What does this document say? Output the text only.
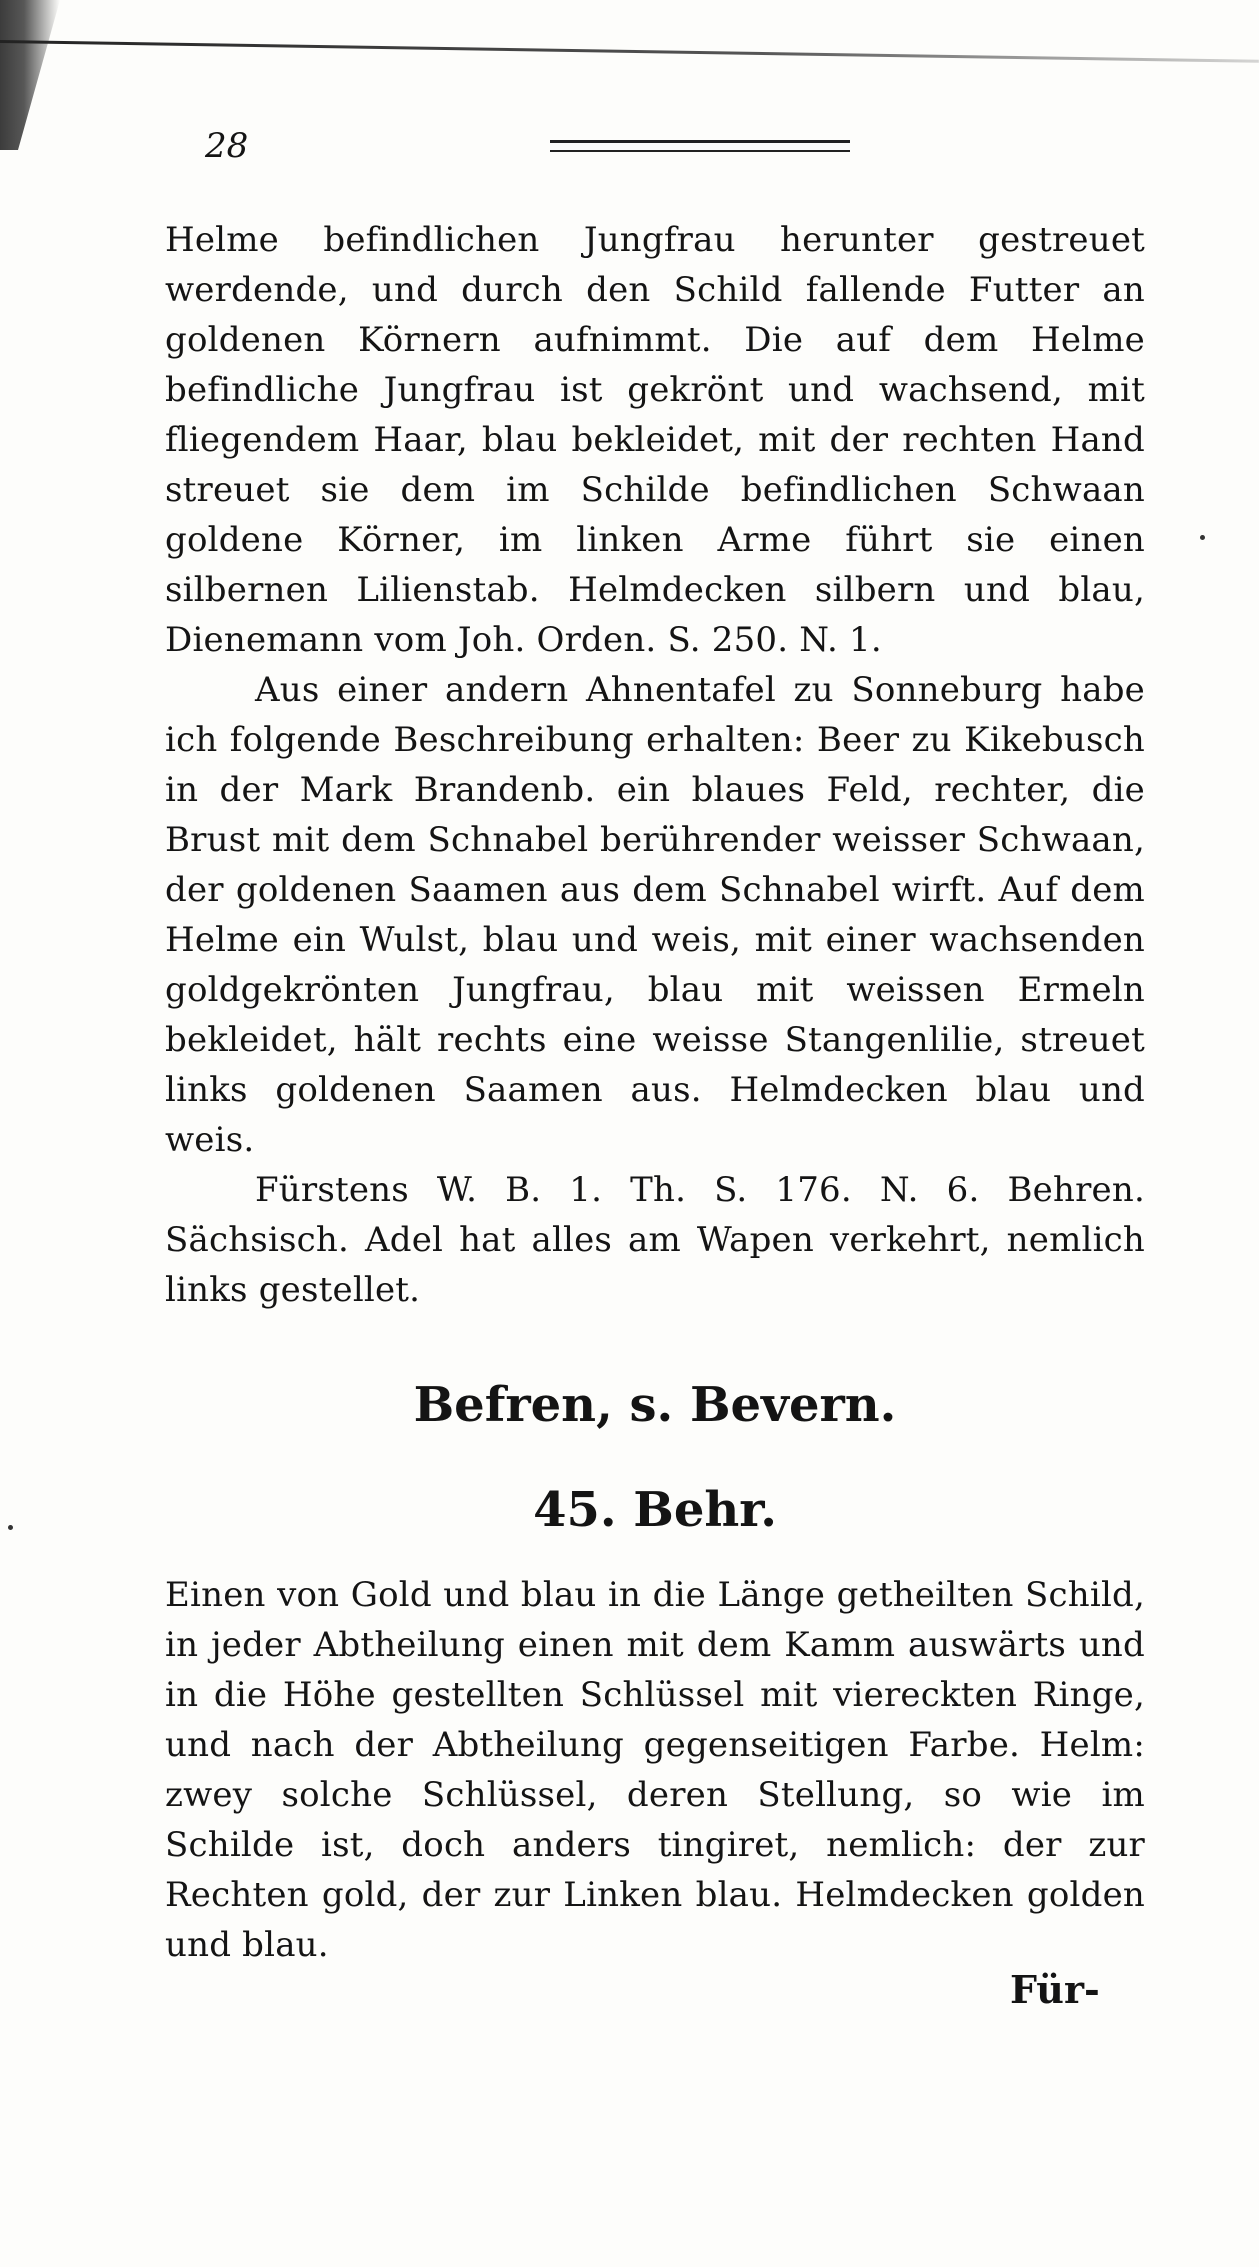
28

Helme befindlichen Jungfrau herunter gestreuet werdende, und durch den Schild fallende Futter an goldenen Körnern aufnimmt. Die auf dem Helme befindliche Jungfrau ist gekrönt und wachsend, mit fliegendem Haar, blau bekleidet, mit der rechten Hand streuet sie dem im Schilde befindlichen Schwaan goldene Körner, im linken Arme führt sie einen silbernen Lilienstab. Helmdecken silbern und blau, Dienemann vom Joh. Orden. S. 250. N. 1.

Aus einer andern Ahnentafel zu Sonneburg habe ich folgende Beschreibung erhalten: Beer zu Kikebusch in der Mark Brandenb. ein blaues Feld, rechter, die Brust mit dem Schnabel berührender weisser Schwaan, der goldenen Saamen aus dem Schnabel wirft. Auf dem Helme ein Wulst, blau und weis, mit einer wachsenden goldgekrönten Jungfrau, blau mit weissen Ermeln bekleidet, hält rechts eine weisse Stangenlilie, streuet links goldenen Saamen aus. Helmdecken blau und weis.

Fürstens W. B. 1. Th. S. 176. N. 6. Behren. Sächsisch. Adel hat alles am Wapen verkehrt, nemlich links gestellet.

Befren, s. Bevern.
45. Behr.

Einen von Gold und blau in die Länge getheilten Schild, in jeder Abtheilung einen mit dem Kamm auswärts und in die Höhe gestellten Schlüssel mit viereckten Ringe, und nach der Abtheilung gegenseitigen Farbe. Helm: zwey solche Schlüssel, deren Stellung, so wie im Schilde ist, doch anders tingiret, nemlich: der zur Rechten gold, der zur Linken blau. Helmdecken golden und blau.

Für-
